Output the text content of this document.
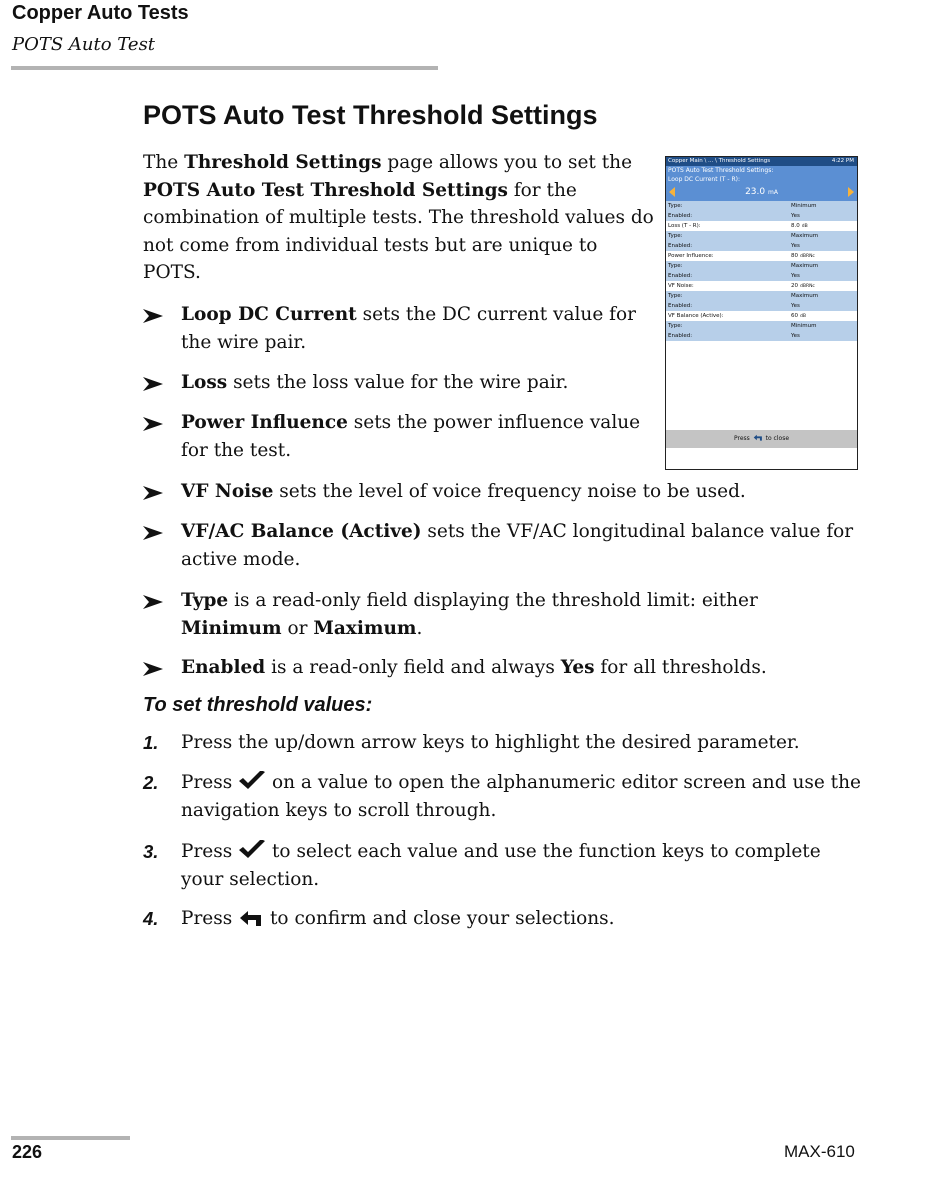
Copper Auto Tests
POTS Auto Test
POTS Auto Test Threshold Settings
The Threshold Settings page allows you to set the POTS Auto Test Threshold Settings for the combination of multiple tests. The threshold values do not come from individual tests but are unique to POTS.
Loop DC Current sets the DC current value for the wire pair.
Loss sets the loss value for the wire pair.
Power Influence sets the power influence value for the test.
VF Noise sets the level of voice frequency noise to be used.
VF/AC Balance (Active) sets the VF/AC longitudinal balance value for active mode.
Type is a read-only field displaying the threshold limit: either Minimum or Maximum.
Enabled is a read-only field and always Yes for all thresholds.
To set threshold values:
1. Press the up/down arrow keys to highlight the desired parameter.
2. Press  on a value to open the alphanumeric editor screen and use the navigation keys to scroll through.
3. Press  to select each value and use the function keys to complete your selection.
4. Press  to confirm and close your selections.
Copper Main \ ... \ Threshold Settings	4:22 PM
POTS Auto Test Threshold Settings:
Loop DC Current (T - R):
23.0 mA
Type:	Minimum
Enabled:	Yes
Loss (T - R):	8.0 dB
Type:	Maximum
Enabled:	Yes
Power Influence:	80 dBRNc
Type:	Maximum
Enabled:	Yes
VF Noise:	20 dBRNc
Type:	Maximum
Enabled:	Yes
VF Balance (Active):	60 dB
Type:	Minimum
Enabled:	Yes
Press	to close
226	MAX-610
